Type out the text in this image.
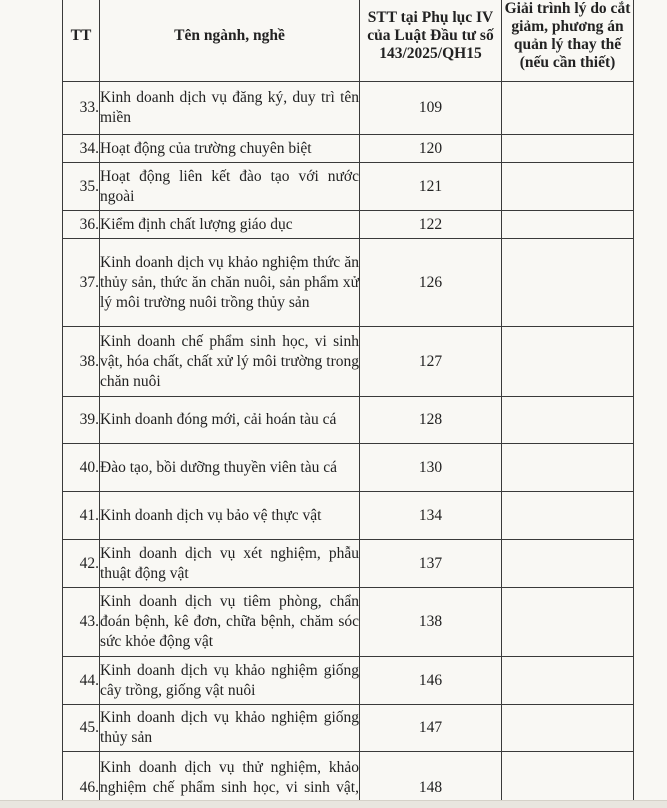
TT	Tên ngành, nghề	STT tại Phụ lục IV của Luật Đầu tư số 143/2025/QH15	Giải trình lý do cắt giảm, phương án quản lý thay thế (nếu cần thiết)
33.	Kinh doanh dịch vụ đăng ký, duy trì tên miền	109	
34.	Hoạt động của trường chuyên biệt	120	
35.	Hoạt động liên kết đào tạo với nước ngoài	121	
36.	Kiểm định chất lượng giáo dục	122	
37.	Kinh doanh dịch vụ khảo nghiệm thức ăn thủy sản, thức ăn chăn nuôi, sản phẩm xử lý môi trường nuôi trồng thủy sản	126	
38.	Kinh doanh chế phẩm sinh học, vi sinh vật, hóa chất, chất xử lý môi trường trong chăn nuôi	127	
39.	Kinh doanh đóng mới, cải hoán tàu cá	128	
40.	Đào tạo, bồi dưỡng thuyền viên tàu cá	130	
41.	Kinh doanh dịch vụ bảo vệ thực vật	134	
42.	Kinh doanh dịch vụ xét nghiệm, phẫu thuật động vật	137	
43.	Kinh doanh dịch vụ tiêm phòng, chẩn đoán bệnh, kê đơn, chữa bệnh, chăm sóc sức khỏe động vật	138	
44.	Kinh doanh dịch vụ khảo nghiệm giống cây trồng, giống vật nuôi	146	
45.	Kinh doanh dịch vụ khảo nghiệm giống thủy sản	147	
46.	Kinh doanh dịch vụ thử nghiệm, khảo nghiệm chế phẩm sinh học, vi sinh vật,	148	
